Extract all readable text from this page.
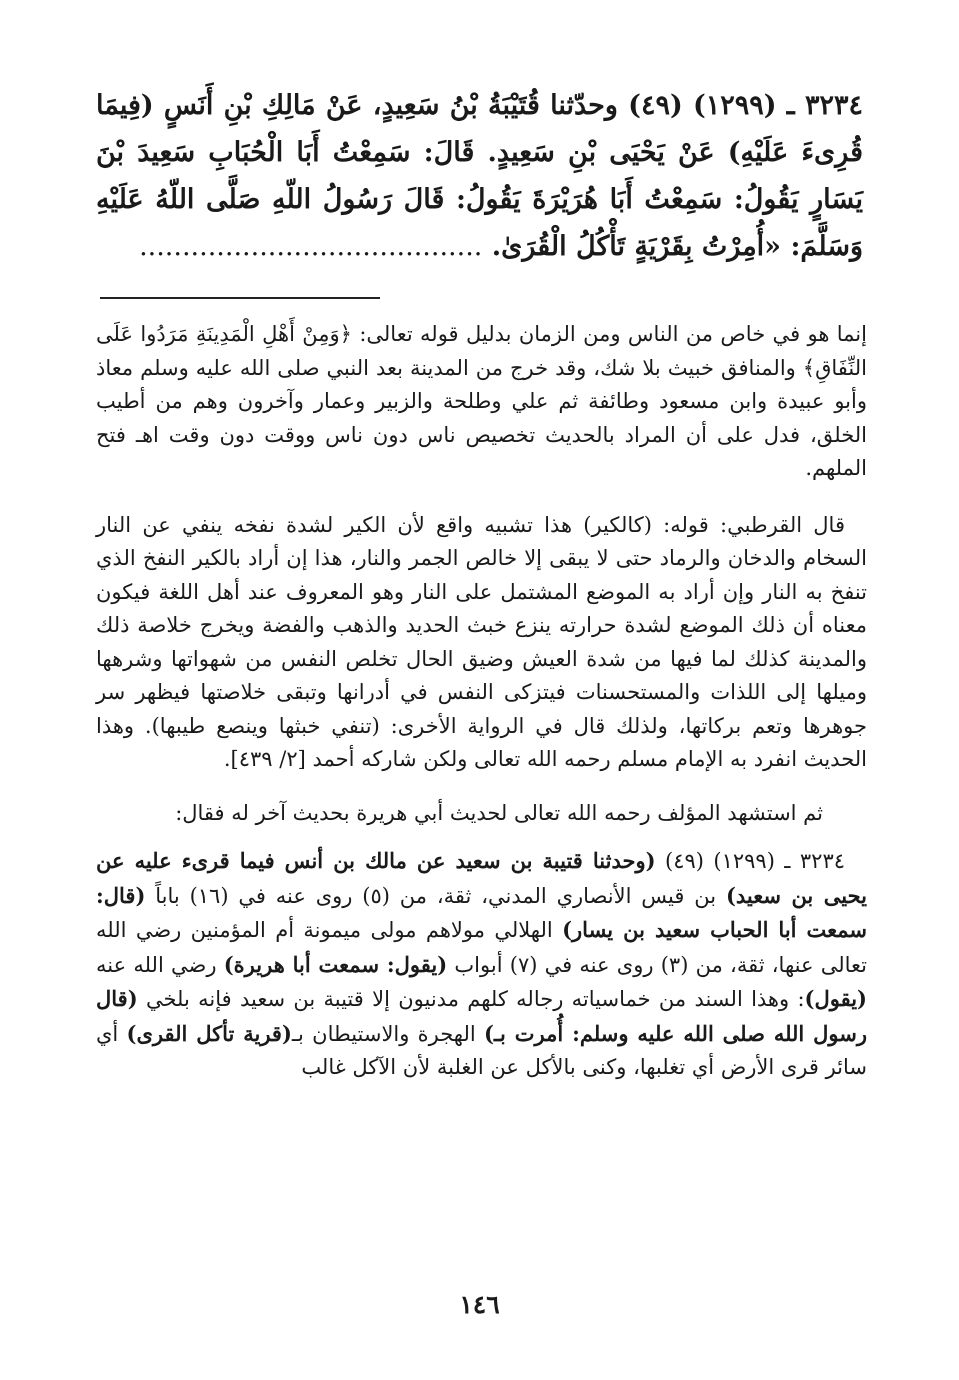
٣٢٣٤ ـ (١٢٩٩) (٤٩) وحدّثنا قُتَيْبَةُ بْنُ سَعِيدٍ، عَنْ مَالِكِ بْنِ أَنَسٍ (فِيمَا قُرِىءَ عَلَيْهِ) عَنْ يَحْيَى بْنِ سَعِيدٍ. قَالَ: سَمِعْتُ أَبَا الْحُبَابِ سَعِيدَ بْنَ يَسَارٍ يَقُولُ: سَمِعْتُ أَبَا هُرَيْرَةَ يَقُولُ: قَالَ رَسُولُ اللّهِ صَلَّى اللّهُ عَلَيْهِ وَسَلَّمَ: «أُمِرْتُ بِقَرْيَةٍ تَأْكُلُ الْقُرَىٰ. ........................................

إنما هو في خاص من الناس ومن الزمان بدليل قوله تعالى: ﴿وَمِنْ أَهْلِ الْمَدِينَةِ مَرَدُوا عَلَى النِّفَاقِ﴾ والمنافق خبيث بلا شك، وقد خرج من المدينة بعد النبي صلى الله عليه وسلم معاذ وأبو عبيدة وابن مسعود وطائفة ثم علي وطلحة والزبير وعمار وآخرون وهم من أطيب الخلق، فدل على أن المراد بالحديث تخصيص ناس دون ناس ووقت دون وقت اهـ فتح الملهم.

قال القرطبي: قوله: (كالكير) هذا تشبيه واقع لأن الكير لشدة نفخه ينفي عن النار السخام والدخان والرماد حتى لا يبقى إلا خالص الجمر والنار، هذا إن أراد بالكير النفخ الذي تنفخ به النار وإن أراد به الموضع المشتمل على النار وهو المعروف عند أهل اللغة فيكون معناه أن ذلك الموضع لشدة حرارته ينزع خبث الحديد والذهب والفضة ويخرج خلاصة ذلك والمدينة كذلك لما فيها من شدة العيش وضيق الحال تخلص النفس من شهواتها وشرهها وميلها إلى اللذات والمستحسنات فيتزكى النفس في أدرانها وتبقى خلاصتها فيظهر سر جوهرها وتعم بركاتها، ولذلك قال في الرواية الأخرى: (تنفي خبثها وينصع طيبها). وهذا الحديث انفرد به الإمام مسلم رحمه الله تعالى ولكن شاركه أحمد [٢/ ٤٣٩].

ثم استشهد المؤلف رحمه الله تعالى لحديث أبي هريرة بحديث آخر له فقال:

٣٢٣٤ ـ (١٢٩٩) (٤٩) (وحدثنا قتيبة بن سعيد عن مالك بن أنس فيما قرىء عليه عن يحيى بن سعيد) بن قيس الأنصاري المدني، ثقة، من (٥) روى عنه في (١٦) باباً (قال: سمعت أبا الحباب سعيد بن يسار) الهلالي مولاهم مولى ميمونة أم المؤمنين رضي الله تعالى عنها، ثقة، من (٣) روى عنه في (٧) أبواب (يقول: سمعت أبا هريرة) رضي الله عنه (يقول): وهذا السند من خماسياته رجاله كلهم مدنيون إلا قتيبة بن سعيد فإنه بلخي (قال رسول الله صلى الله عليه وسلم: أُمرت بـ) الهجرة والاستيطان بـ(قرية تأكل القرى) أي سائر قرى الأرض أي تغلبها، وكنى بالأكل عن الغلبة لأن الآكل غالب

١٤٦
